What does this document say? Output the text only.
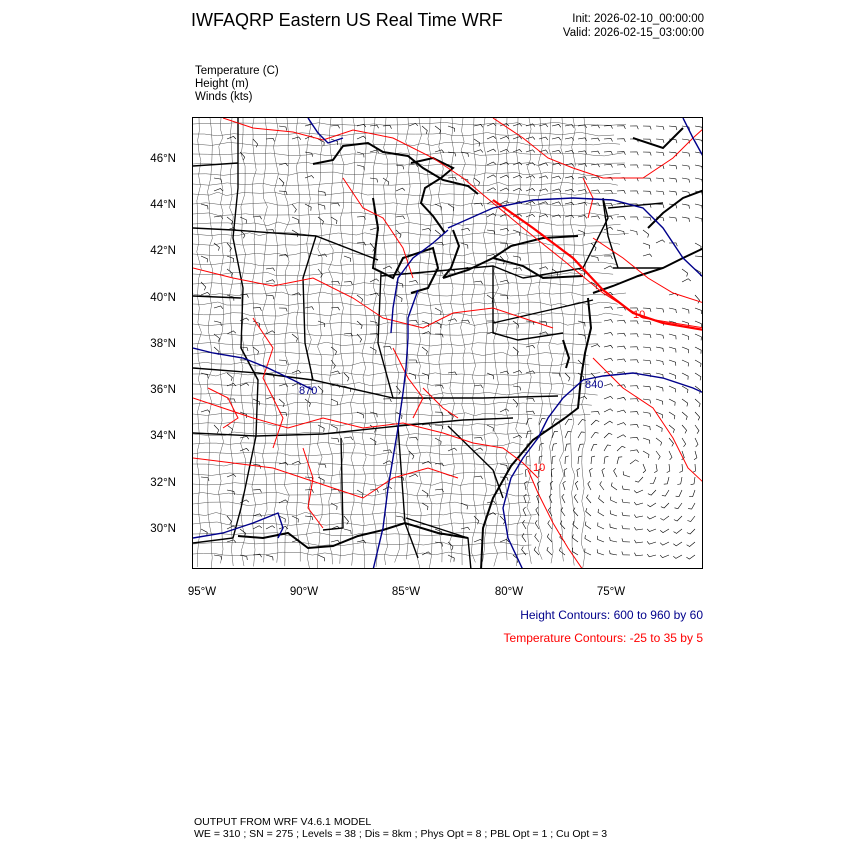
IWFAQRP Eastern US Real Time WRF	Init: 2026-02-10_00:00:00
Valid: 2026-02-15_03:00:00
Temperature (C)
Height (m)
Winds (kts)
870	840
10
10
46°N
44°N
42°N
40°N
38°N
36°N
34°N
32°N
30°N
95°W	90°W	85°W	80°W	75°W
Height Contours: 600 to 960 by 60
Temperature Contours: -25 to 35 by 5
OUTPUT FROM WRF V4.6.1 MODEL
WE = 310 ; SN = 275 ; Levels = 38 ; Dis = 8km ; Phys Opt = 8 ; PBL Opt = 1 ; Cu Opt = 3
